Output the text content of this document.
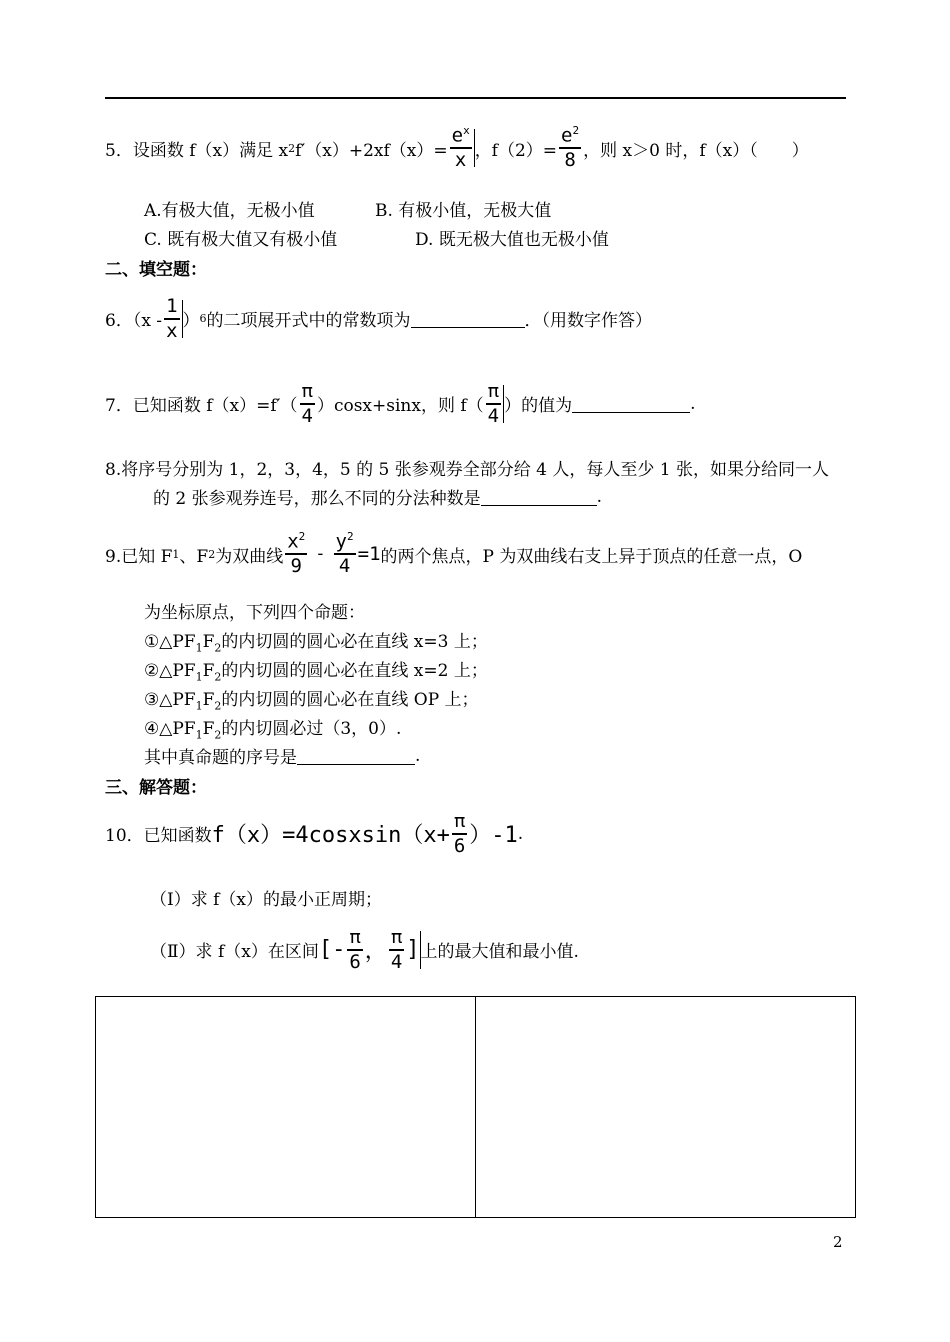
5．设函数 f（x）满足 x 2 $f'(x)+2xf(x)= \frac{e^x}{x}$ ，$f(2)= \frac{e^2}{8}$ ，则 x＞0 时，f（x）（　　）
A.有极大值，无极小值	B. 有极小值，无极大值
C. 既有极大值又有极小值	D. 既无极大值也无极小值
二、填空题：
6．（$x - \frac{1}{x}$ ） 6 的二项展开式中的常数项为	．（用数字作答）
7．已知函数 $f(x)=f'( \frac{\pi}{4} )\cos x+\sin x$，则 $f( \frac{\pi}{4}$ ）的值为	.
8.将序号分别为 1，2，3，4，5 的 5 张参观券全部分给 4 人，每人至少 1 张，如果分给同一人
的 2 张参观券连号，那么不同的分法种数是	.
9.已知 F 1 、F 2 为双曲线 $\frac{x^2}{9} - \frac{y^2}{4} =1$ 的两个焦点，P 为双曲线右支上异于顶点的任意一点，O
为坐标原点，下列四个命题：
$①\triangle PF_1F_2$的内切圆的圆心必在直线 x=3 上；
$②\triangle PF_1F_2$的内切圆的圆心必在直线 x=2 上；
$③\triangle PF_1F_2$的内切圆的圆心必在直线 OP 上；
$④\triangle PF_1F_2$的内切圆必过（3，0）.
其中真命题的序号是	.
三、解答题：
10．已知函数 f（x）=4cosxsin（x+ $\frac{\pi}{6} )-1$ .
（Ⅰ）求 f（x）的最小正周期；
（Ⅱ）求 f（x）在区间 [- $\frac{\pi}{6}$ ， $\frac{\pi}{4}$ ] 上的最大值和最小值.
2
